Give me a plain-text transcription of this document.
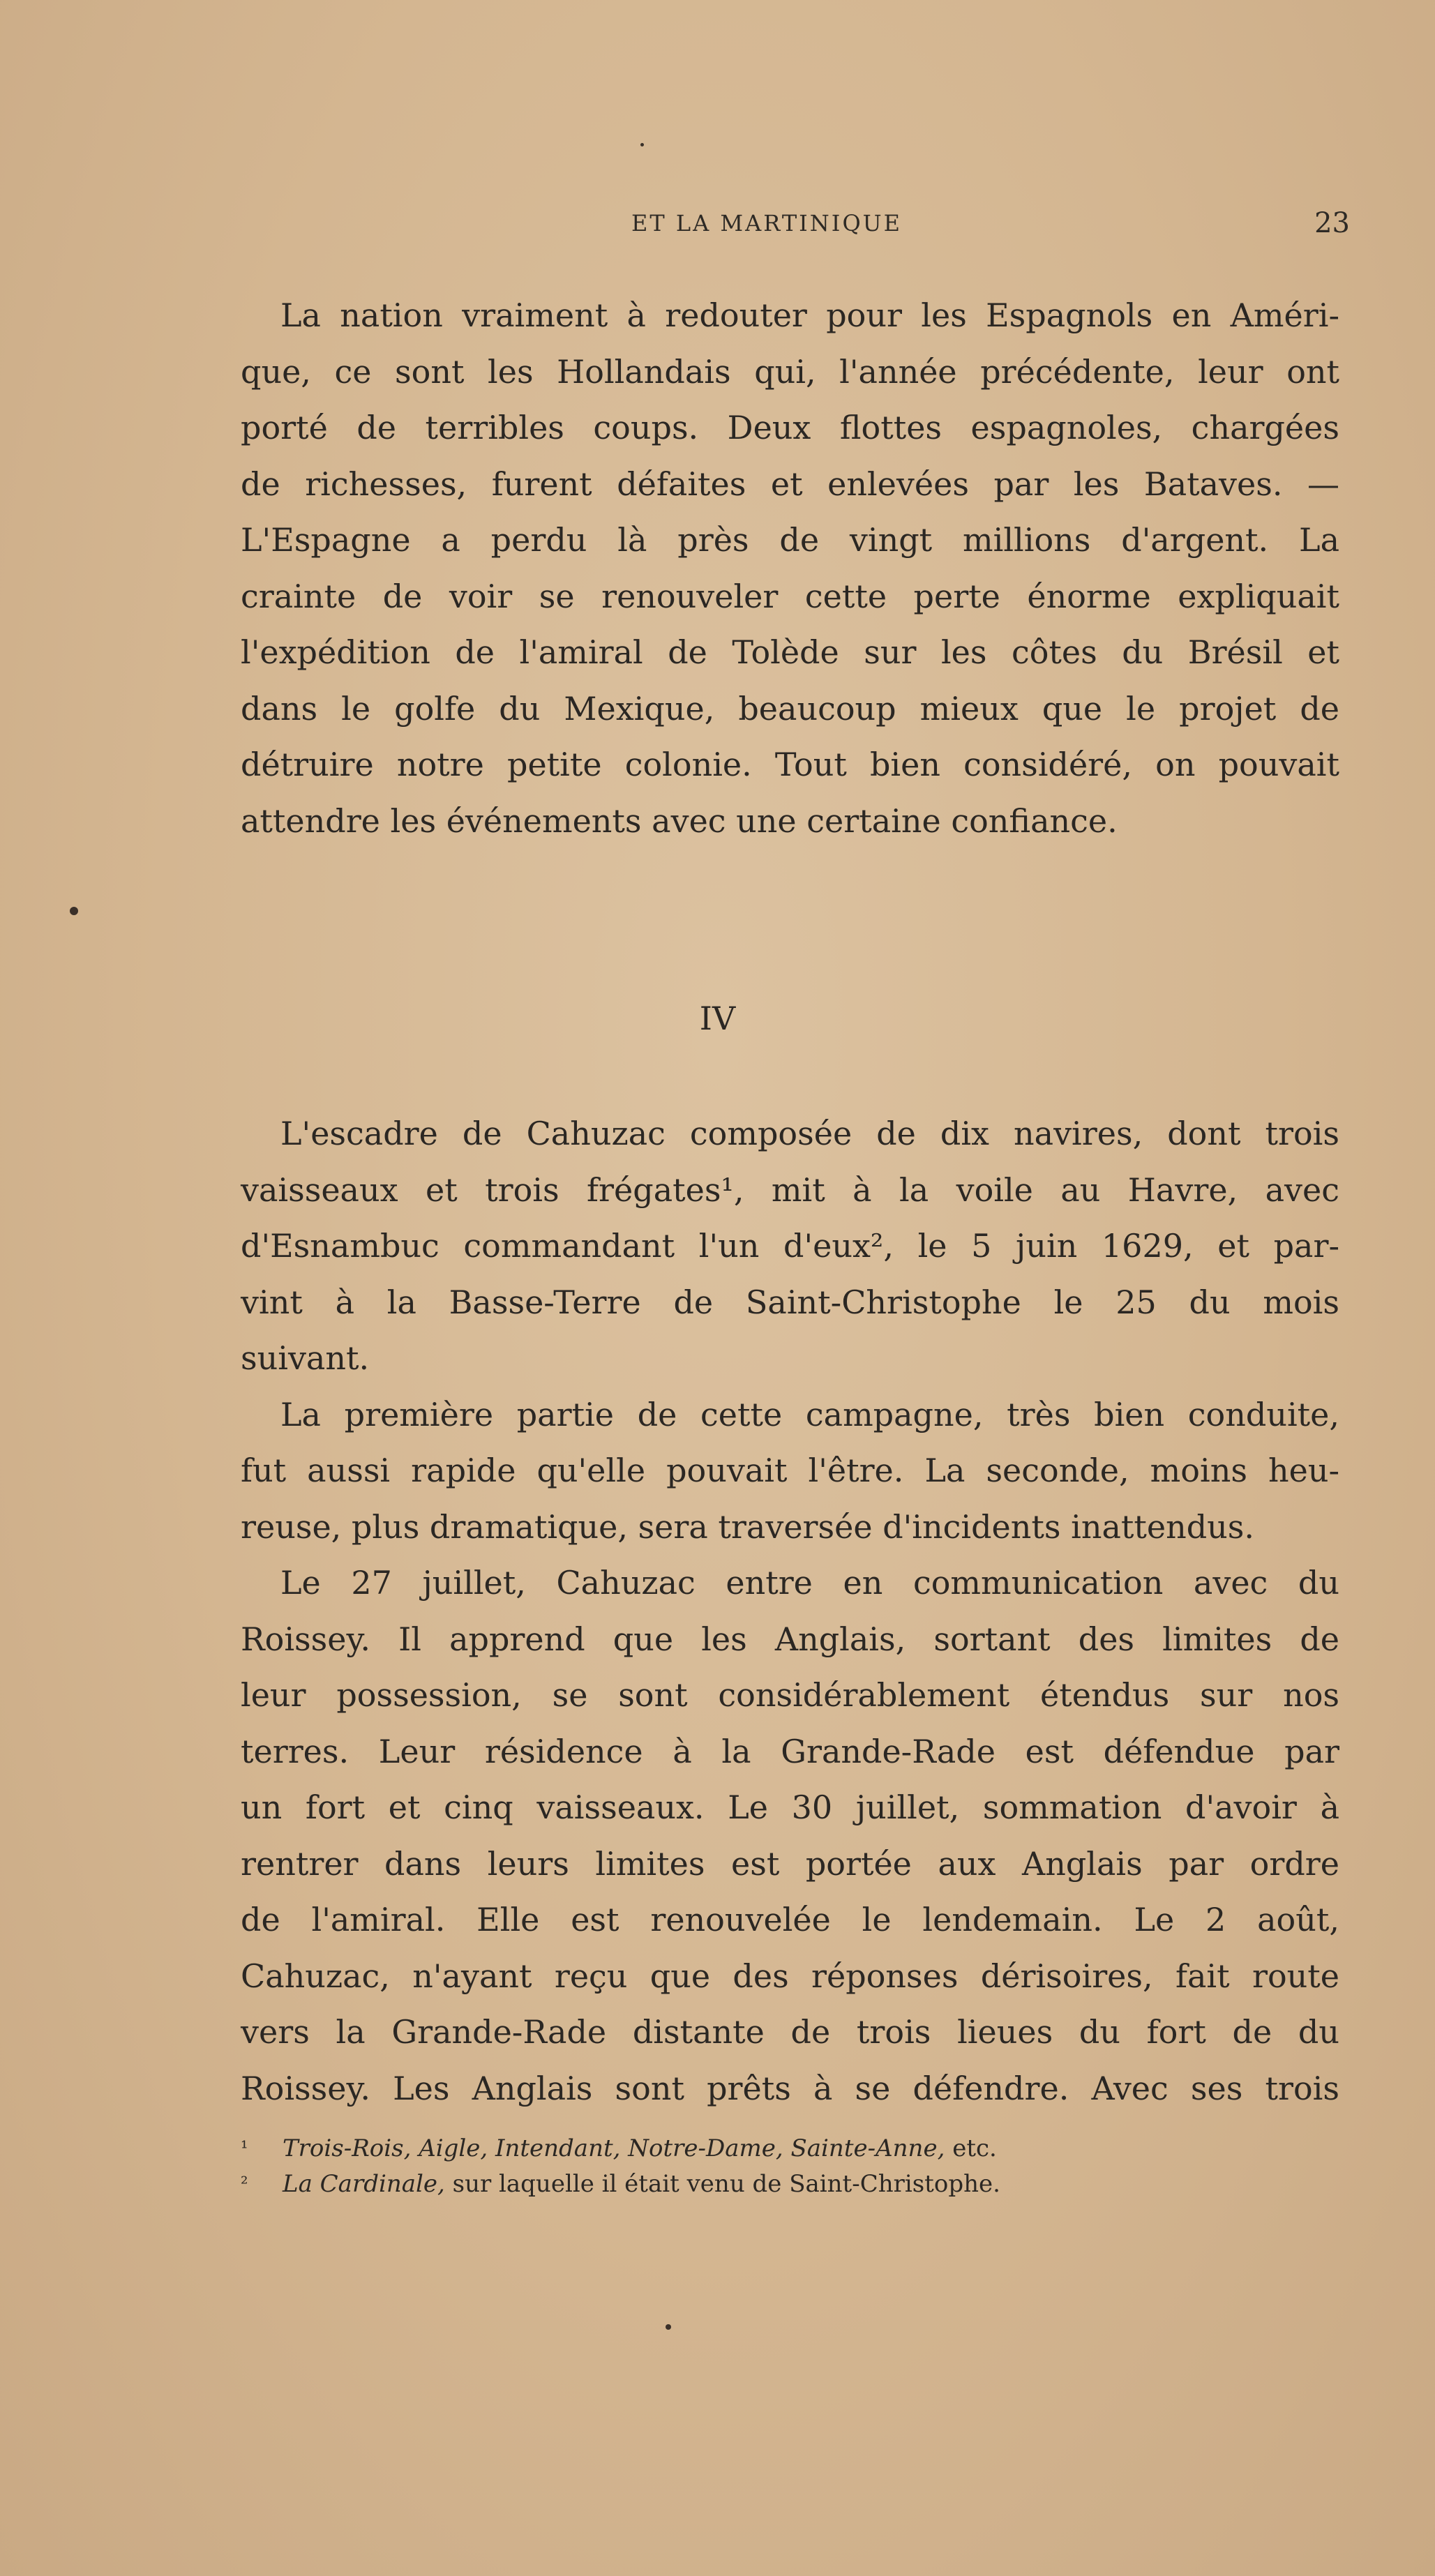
ET LA MARTINIQUE	23
La nation vraiment à redouter pour les Espagnols en Améri-
que, ce sont les Hollandais qui, l'année précédente, leur ont
porté de terribles coups. Deux flottes espagnoles, chargées
de richesses, furent défaites et enlevées par les Bataves. —
L'Espagne a perdu là près de vingt millions d'argent. La
crainte de voir se renouveler cette perte énorme expliquait
l'expédition de l'amiral de Tolède sur les côtes du Brésil et
dans le golfe du Mexique, beaucoup mieux que le projet de
détruire notre petite colonie. Tout bien considéré, on pouvait
attendre les événements avec une certaine confiance.
IV
L'escadre de Cahuzac composée de dix navires, dont trois
vaisseaux et trois frégates¹, mit à la voile au Havre, avec
d'Esnambuc commandant l'un d'eux², le 5 juin 1629, et par-
vint à la Basse-Terre de Saint-Christophe le 25 du mois
suivant.
La première partie de cette campagne, très bien conduite,
fut aussi rapide qu'elle pouvait l'être. La seconde, moins heu-
reuse, plus dramatique, sera traversée d'incidents inattendus.
Le 27 juillet, Cahuzac entre en communication avec du
Roissey. Il apprend que les Anglais, sortant des limites de
leur possession, se sont considérablement étendus sur nos
terres. Leur résidence à la Grande-Rade est défendue par
un fort et cinq vaisseaux. Le 30 juillet, sommation d'avoir à
rentrer dans leurs limites est portée aux Anglais par ordre
de l'amiral. Elle est renouvelée le lendemain. Le 2 août,
Cahuzac, n'ayant reçu que des réponses dérisoires, fait route
vers la Grande-Rade distante de trois lieues du fort de du
Roissey. Les Anglais sont prêts à se défendre. Avec ses trois
¹ Trois-Rois, Aigle, Intendant, Notre-Dame, Sainte-Anne, etc.
² La Cardinale, sur laquelle il était venu de Saint-Christophe.
